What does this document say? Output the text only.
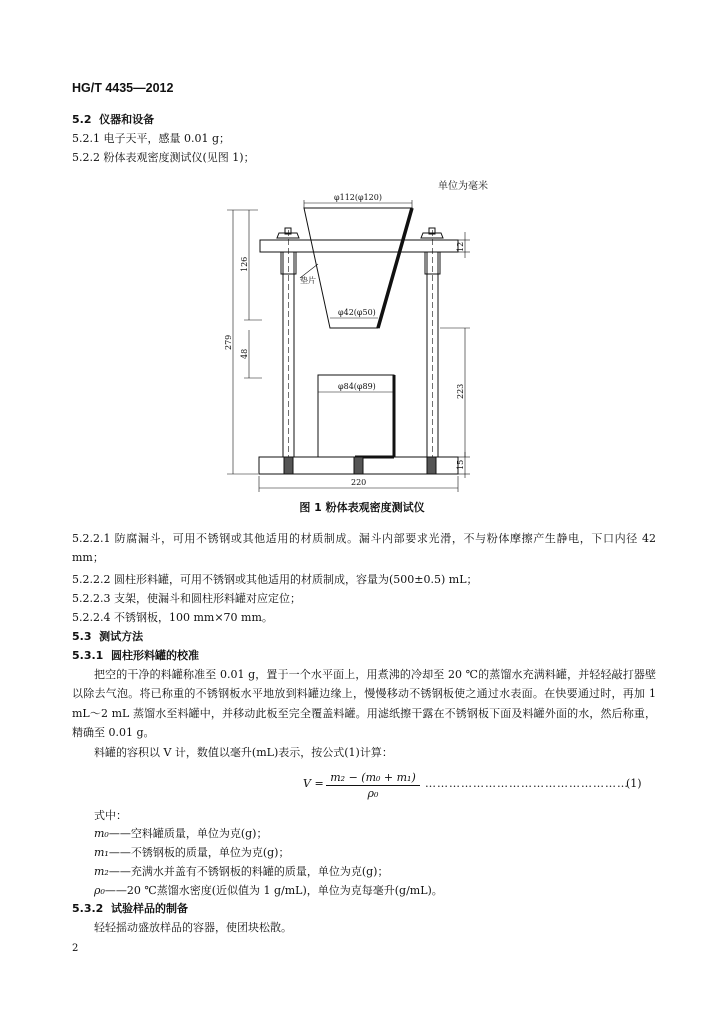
HG/T 4435—2012
5.2 仪器和设备
5.2.1 电子天平，感量 0.01 g；
5.2.2 粉体表观密度测试仪(见图 1)；
单位为毫米
φ112(φ120)
垫片
φ42(φ50)
φ84(φ89)
220
279
126
48
223
12
15
图 1 粉体表观密度测试仪
5.2.2.1 防腐漏斗，可用不锈钢或其他适用的材质制成。漏斗内部要求光滑，不与粉体摩擦产生静电，下口内径 42 mm；
5.2.2.2 圆柱形料罐，可用不锈钢或其他适用的材质制成，容量为(500±0.5) mL；
5.2.2.3 支架，使漏斗和圆柱形料罐对应定位；
5.2.2.4 不锈钢板，100 mm×70 mm。
5.3 测试方法
5.3.1 圆柱形料罐的校准
把空的干净的料罐称准至 0.01 g，置于一个水平面上，用煮沸的冷却至 20 ℃的蒸馏水充满料罐，并轻轻敲打器壁以除去气泡。将已称重的不锈钢板水平地放到料罐边缘上，慢慢移动不锈钢板使之通过水表面。在快要通过时，再加 1 mL～2 mL 蒸馏水至料罐中，并移动此板至完全覆盖料罐。用滤纸擦干露在不锈钢板下面及料罐外面的水，然后称重，精确至 0.01 g。
料罐的容积以 V 计，数值以毫升(mL)表示，按公式(1)计算：
$V = \frac{\text{m₂ − (m₀ + m₁)}}{\text{ρ₀}}$ ……………………………………………
(1)
式中：
m₀——空料罐质量，单位为克(g)；
m₁——不锈钢板的质量，单位为克(g)；
m₂——充满水并盖有不锈钢板的料罐的质量，单位为克(g)；
ρ₀——20 ℃蒸馏水密度(近似值为 1 g/mL)，单位为克每毫升(g/mL)。
5.3.2 试验样品的制备
轻轻摇动盛放样品的容器，使团块松散。
2
